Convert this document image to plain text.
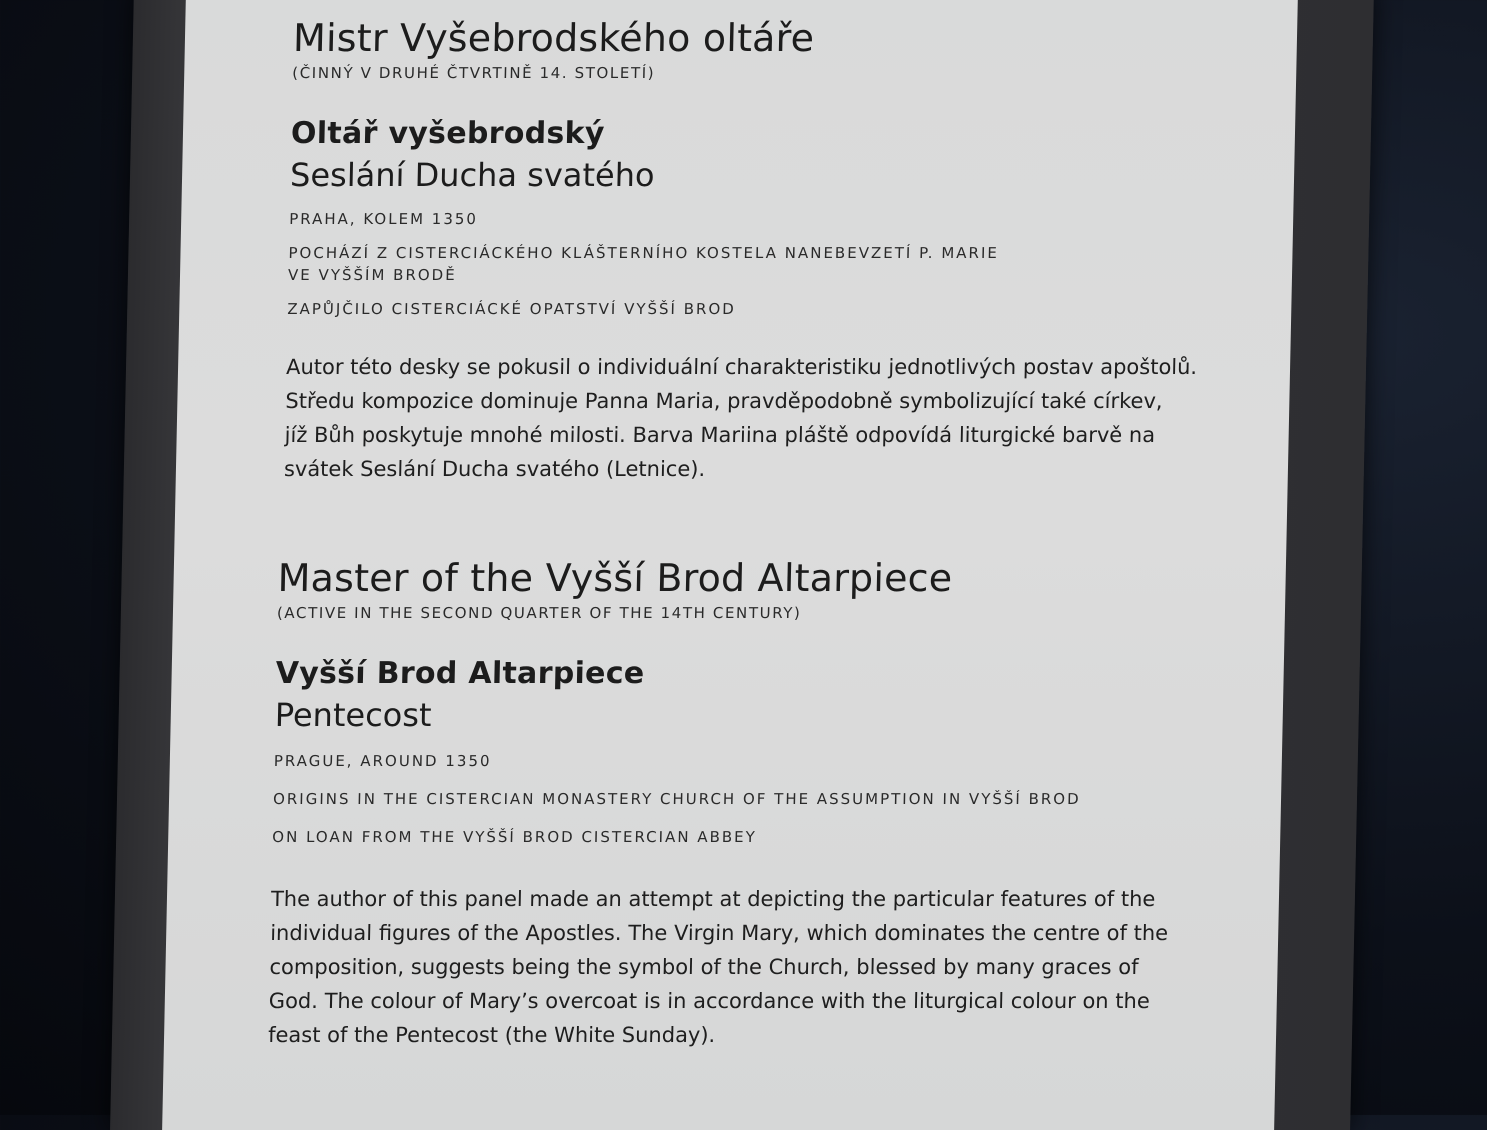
Mistr Vyšebrodského oltáře

(ČINNÝ V DRUHÉ ČTVRTINĚ 14. STOLETÍ)

Oltář vyšebrodský

Seslání Ducha svatého

PRAHA, KOLEM 1350

POCHÁZÍ Z CISTERCIÁCKÉHO KLÁŠTERNÍHO KOSTELA NANEBEVZETÍ P. MARIE

VE VYŠŠÍM BRODĚ

ZAPŮJČILO CISTERCIÁCKÉ OPATSTVÍ VYŠŠÍ BROD

Autor této desky se pokusil o individuální charakteristiku jednotlivých postav apoštolů.

Středu kompozice dominuje Panna Maria, pravděpodobně symbolizující také církev,

jíž Bůh poskytuje mnohé milosti. Barva Mariina pláště odpovídá liturgické barvě na

svátek Seslání Ducha svatého (Letnice).

Master of the Vyšší Brod Altarpiece

(ACTIVE IN THE SECOND QUARTER OF THE 14TH CENTURY)

Vyšší Brod Altarpiece

Pentecost

PRAGUE, AROUND 1350

ORIGINS IN THE CISTERCIAN MONASTERY CHURCH OF THE ASSUMPTION IN VYŠŠÍ BROD

ON LOAN FROM THE VYŠŠÍ BROD CISTERCIAN ABBEY

The author of this panel made an attempt at depicting the particular features of the

individual figures of the Apostles. The Virgin Mary, which dominates the centre of the

composition, suggests being the symbol of the Church, blessed by many graces of

God. The colour of Mary’s overcoat is in accordance with the liturgical colour on the

feast of the Pentecost (the White Sunday).
